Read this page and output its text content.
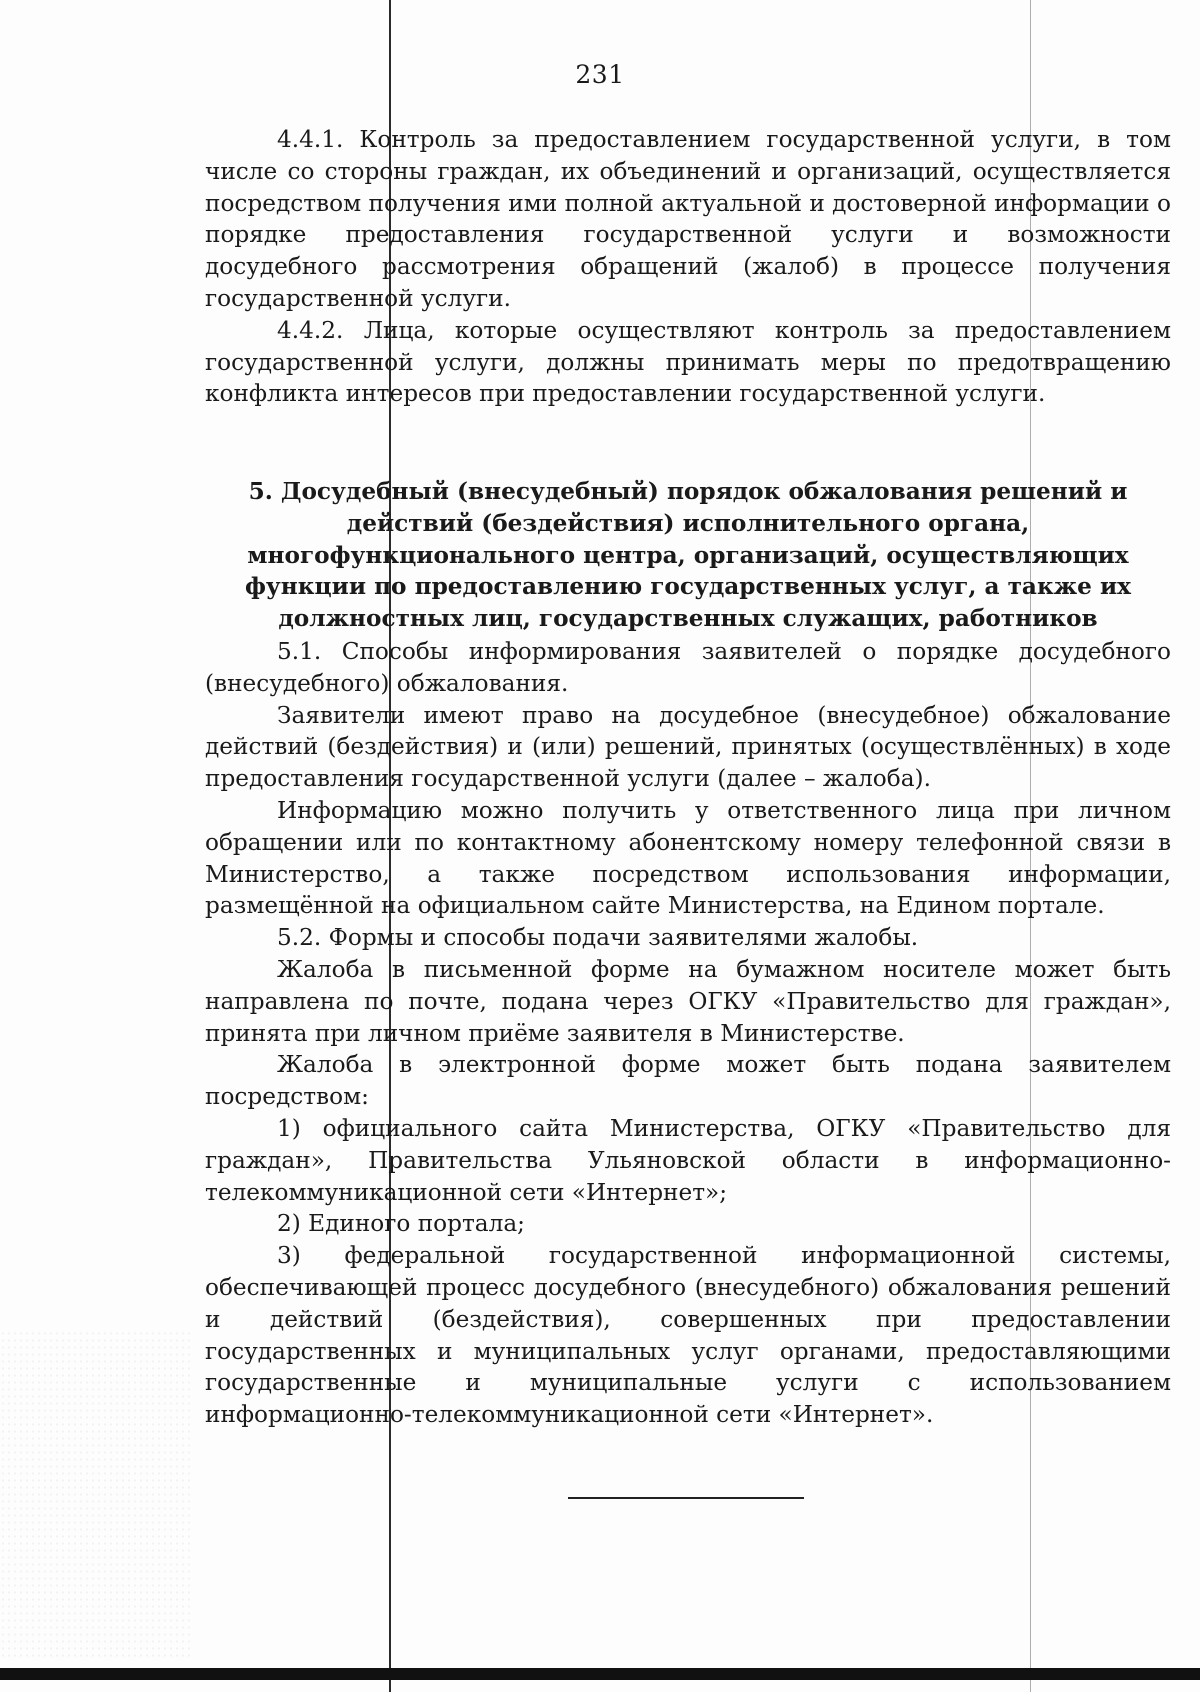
231

4.4.1. Контроль за предоставлением государственной услуги, в том числе со стороны граждан, их объединений и организаций, осуществляется посредством получения ими полной актуальной и достоверной информации о порядке предоставления государственной услуги и возможности досудебного рассмотрения обращений (жалоб) в процессе получения государственной услуги.

4.4.2. Лица, которые осуществляют контроль за предоставлением государственной услуги, должны принимать меры по предотвращению конфликта интересов при предоставлении государственной услуги.

5. Досудебный (внесудебный) порядок обжалования решений и действий (бездействия) исполнительного органа, многофункционального центра, организаций, осуществляющих функции по предоставлению государственных услуг, а также их должностных лиц, государственных служащих, работников

5.1. Способы информирования заявителей о порядке досудебного (внесудебного) обжалования.

Заявители имеют право на досудебное (внесудебное) обжалование действий (бездействия) и (или) решений, принятых (осуществлённых) в ходе предоставления государственной услуги (далее – жалоба).

Информацию можно получить у ответственного лица при личном обращении или по контактному абонентскому номеру телефонной связи в Министерство, а также посредством использования информации, размещённой на официальном сайте Министерства, на Едином портале.

5.2. Формы и способы подачи заявителями жалобы.

Жалоба в письменной форме на бумажном носителе может быть направлена по почте, подана через ОГКУ «Правительство для граждан», принята при личном приёме заявителя в Министерстве.

Жалоба в электронной форме может быть подана заявителем посредством:

1) официального сайта Министерства, ОГКУ «Правительство для граждан», Правительства Ульяновской области в информационно-телекоммуникационной сети «Интернет»;

2) Единого портала;

3) федеральной государственной информационной системы, обеспечивающей процесс досудебного (внесудебного) обжалования решений и действий (бездействия), совершенных при предоставлении государственных и муниципальных услуг органами, предоставляющими государственные и муниципальные услуги с использованием информационно-телекоммуникационной сети «Интернет».
